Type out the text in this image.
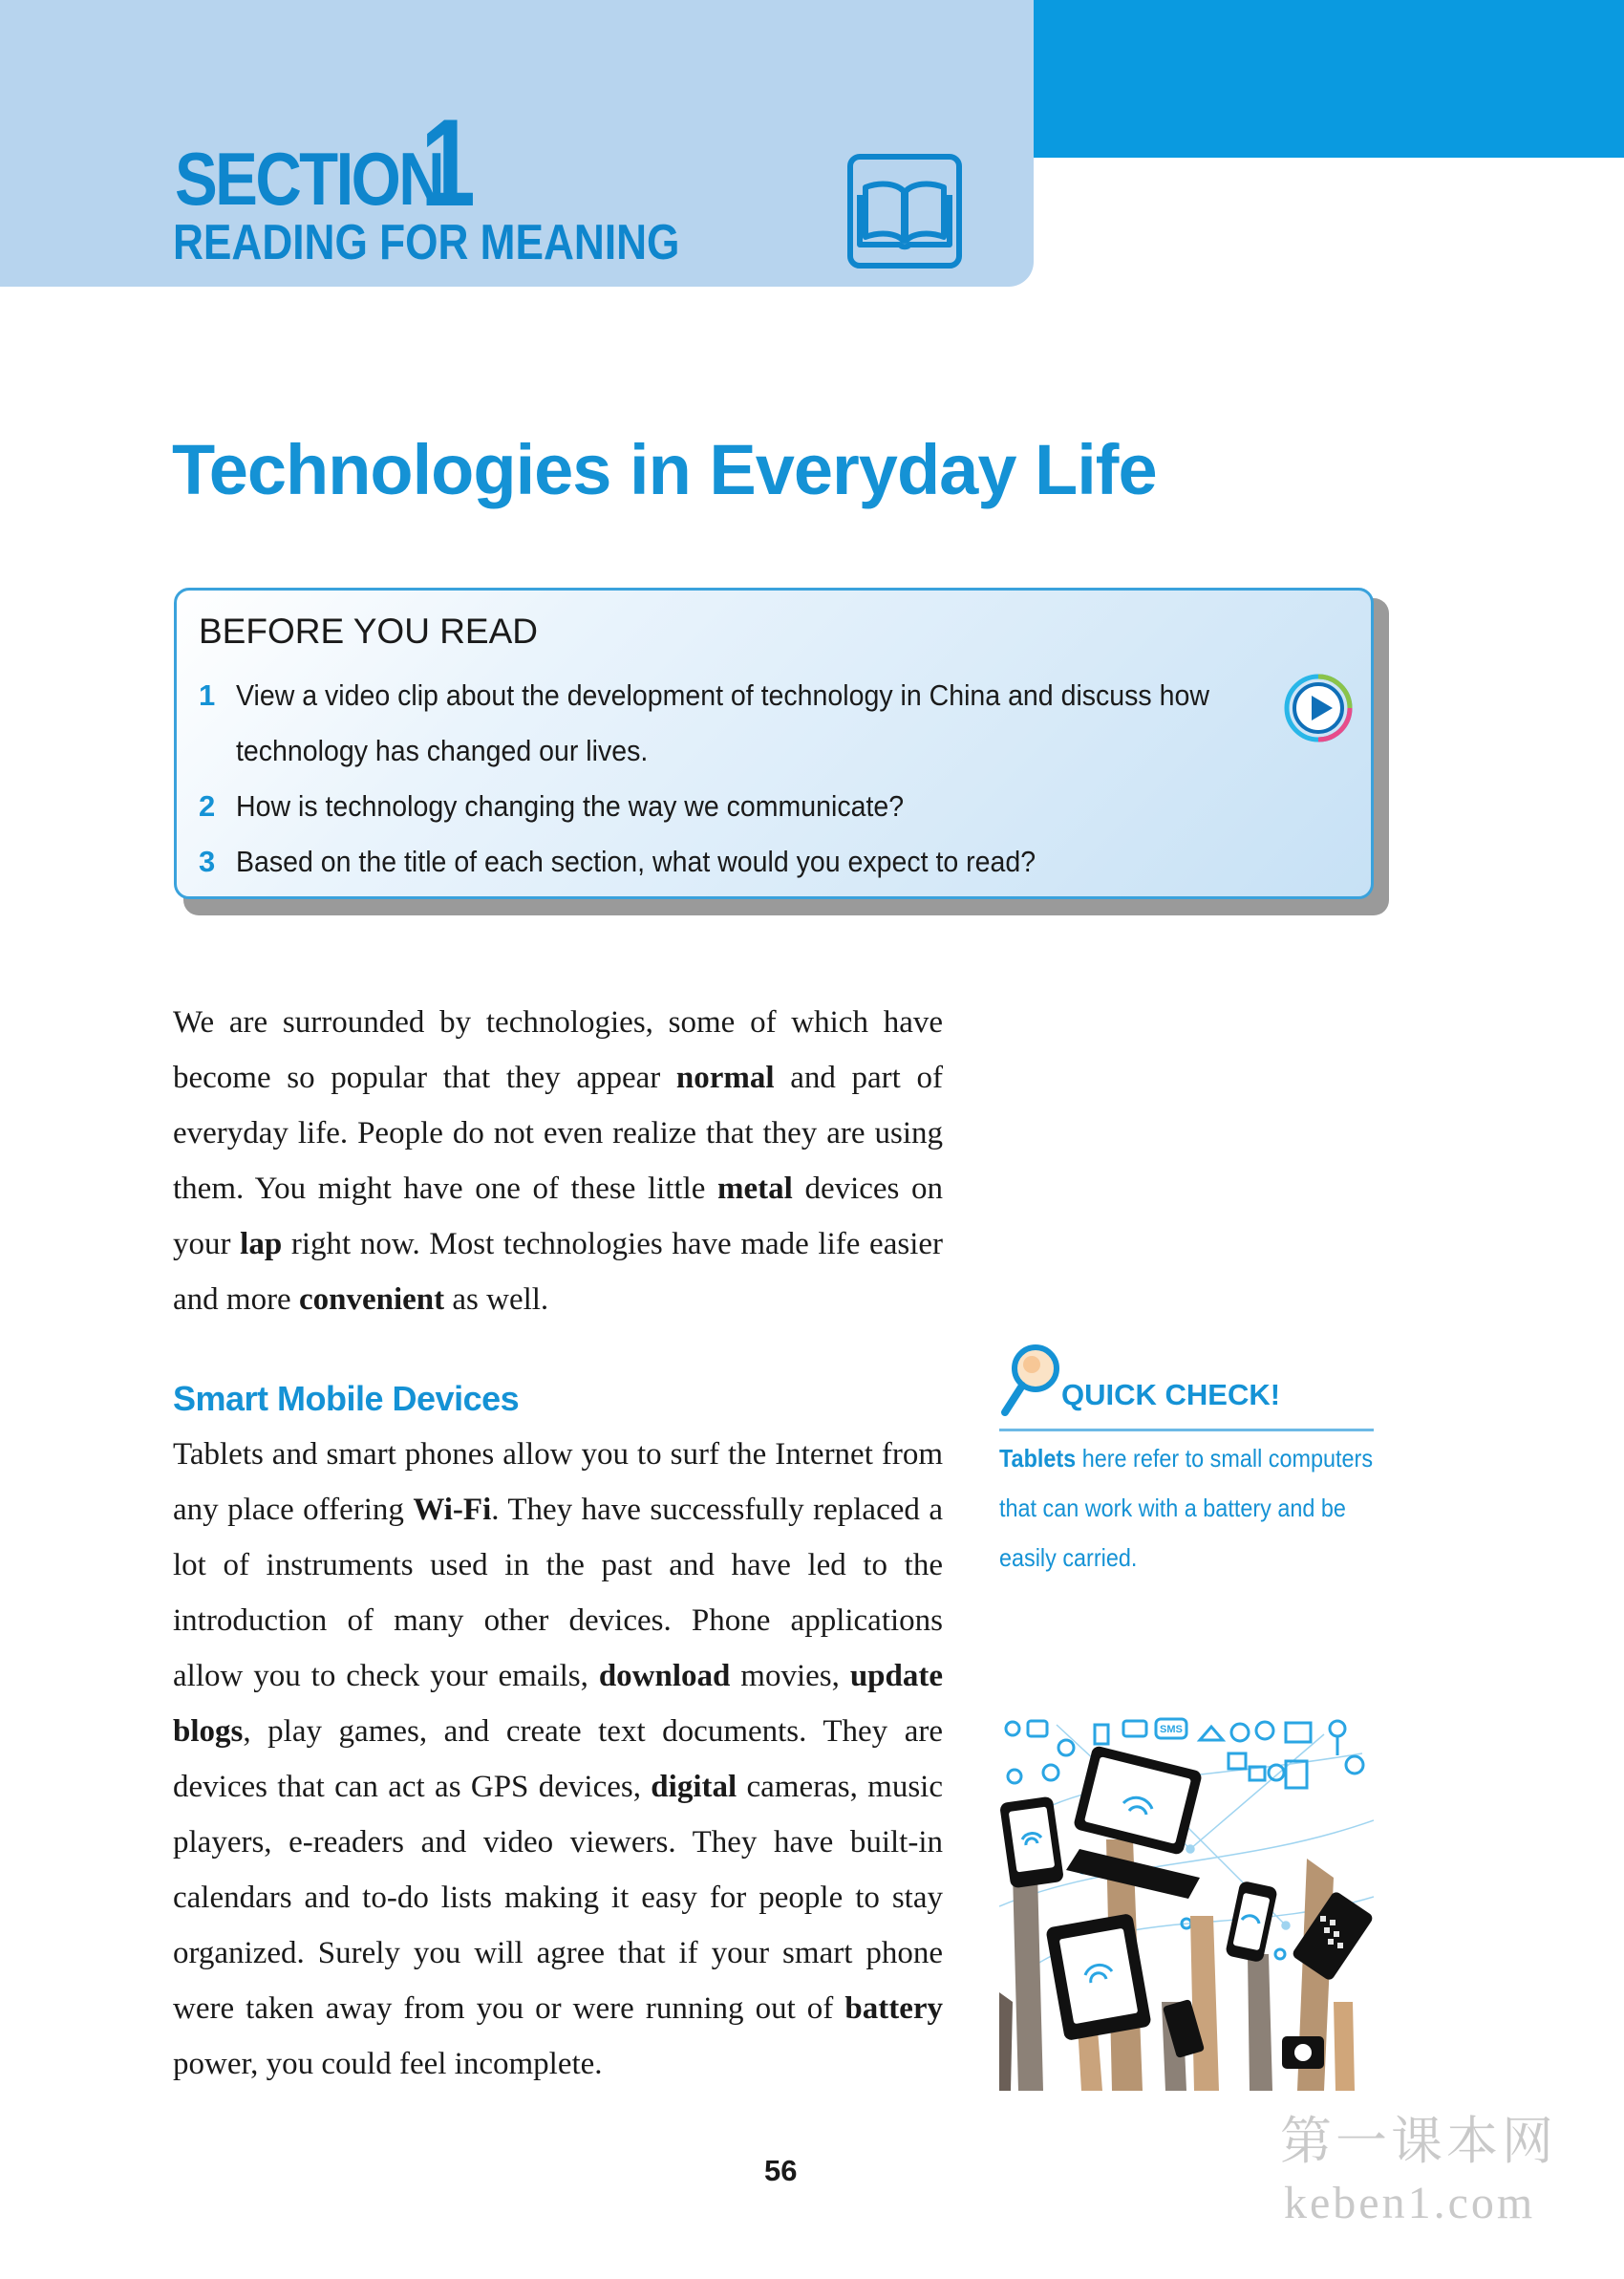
SECTION
1
READING FOR MEANING
Technologies in Everyday Life
BEFORE YOU READ
1 View a video clip about the development of technology in China and discuss how
technology has changed our lives.
2 How is technology changing the way we communicate?
3 Based on the title of each section, what would you expect to read?

We are surrounded by technologies, some of which have become so popular that they appear normal and part of everyday life. People do not even realize that they are using them. You might have one of these little metal devices on your lap right now. Most technologies have made life easier and more convenient as well.

Smart Mobile Devices

Tablets and smart phones allow you to surf the Internet from any place offering Wi-Fi. They have successfully replaced a lot of instruments used in the past and have led to the introduction of many other devices. Phone applications allow you to check your emails, download movies, update blogs, play games, and create text documents. They are devices that can act as GPS devices, digital cameras, music players, e-readers and video viewers. They have built-in calendars and to-do lists making it easy for people to stay organized. Surely you will agree that if your smart phone were taken away from you or were running out of battery power, you could feel incomplete.

QUICK CHECK!
Tablets here refer to small computers
that can work with a battery and be
easily carried.
SMS
56
第一课本网
keben1.com
